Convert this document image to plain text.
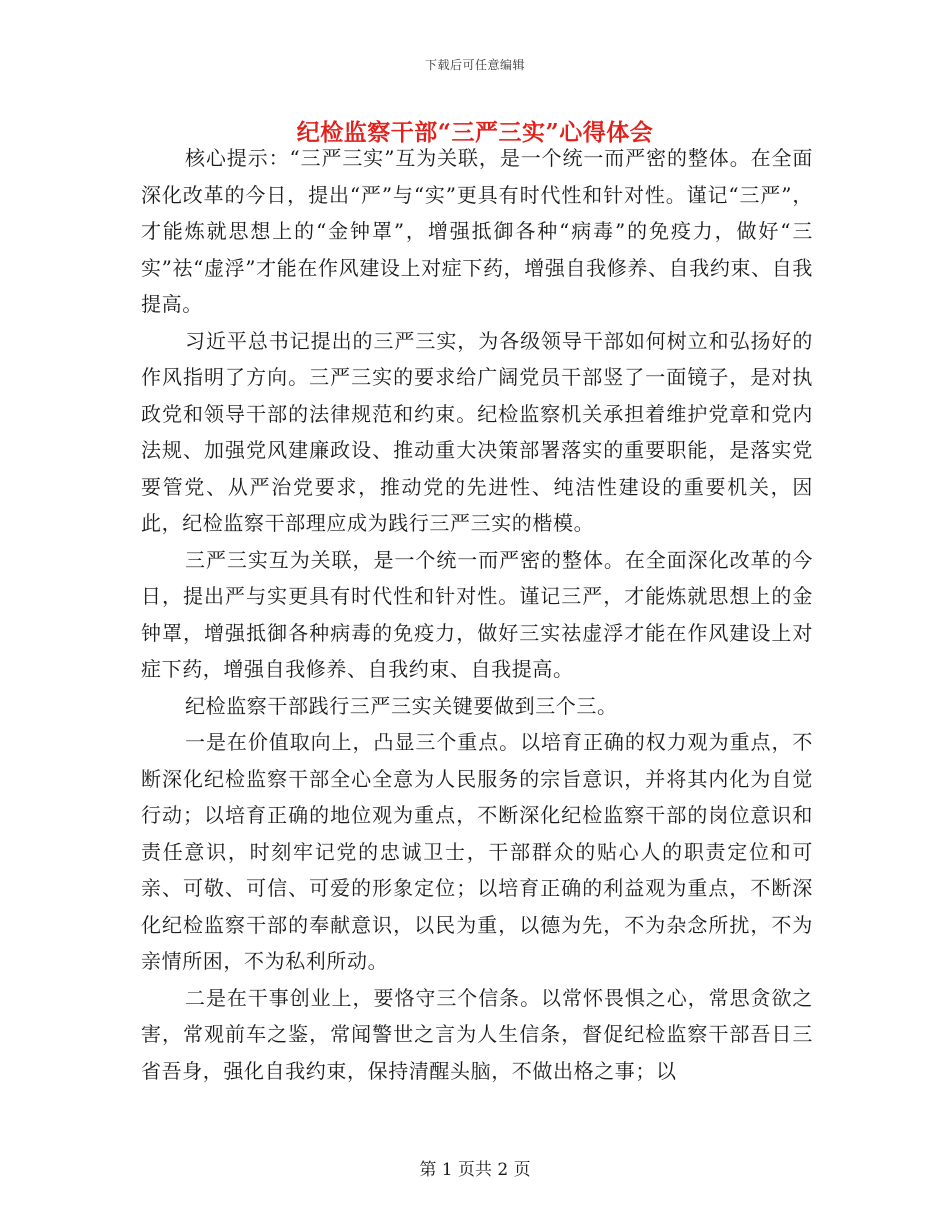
下载后可任意编辑
纪检监察干部“三严三实”心得体会

核心提示：“三严三实”互为关联，是一个统一而严密的整体。在全面深化改革的今日，提出“严”与“实”更具有时代性和针对性。谨记“三严”，才能炼就思想上的“金钟罩”，增强抵御各种“病毒”的免疫力，做好“三实”祛“虚浮”才能在作风建设上对症下药，增强自我修养、自我约束、自我提高。

习近平总书记提出的三严三实，为各级领导干部如何树立和弘扬好的作风指明了方向。三严三实的要求给广阔党员干部竖了一面镜子，是对执政党和领导干部的法律规范和约束。纪检监察机关承担着维护党章和党内法规、加强党风建廉政设、推动重大决策部署落实的重要职能，是落实党要管党、从严治党要求，推动党的先进性、纯洁性建设的重要机关，因此，纪检监察干部理应成为践行三严三实的楷模。

三严三实互为关联，是一个统一而严密的整体。在全面深化改革的今日，提出严与实更具有时代性和针对性。谨记三严，才能炼就思想上的金钟罩，增强抵御各种病毒的免疫力，做好三实祛虚浮才能在作风建设上对症下药，增强自我修养、自我约束、自我提高。

纪检监察干部践行三严三实关键要做到三个三。

一是在价值取向上，凸显三个重点。以培育正确的权力观为重点，不断深化纪检监察干部全心全意为人民服务的宗旨意识，并将其内化为自觉行动；以培育正确的地位观为重点，不断深化纪检监察干部的岗位意识和责任意识，时刻牢记党的忠诚卫士，干部群众的贴心人的职责定位和可亲、可敬、可信、可爱的形象定位；以培育正确的利益观为重点，不断深化纪检监察干部的奉献意识，以民为重，以德为先，不为杂念所扰，不为亲情所困，不为私利所动。

二是在干事创业上，要恪守三个信条。以常怀畏惧之心，常思贪欲之害，常观前车之鉴，常闻警世之言为人生信条，督促纪检监察干部吾日三省吾身，强化自我约束，保持清醒头脑，不做出格之事；以

第 1 页共 2 页
